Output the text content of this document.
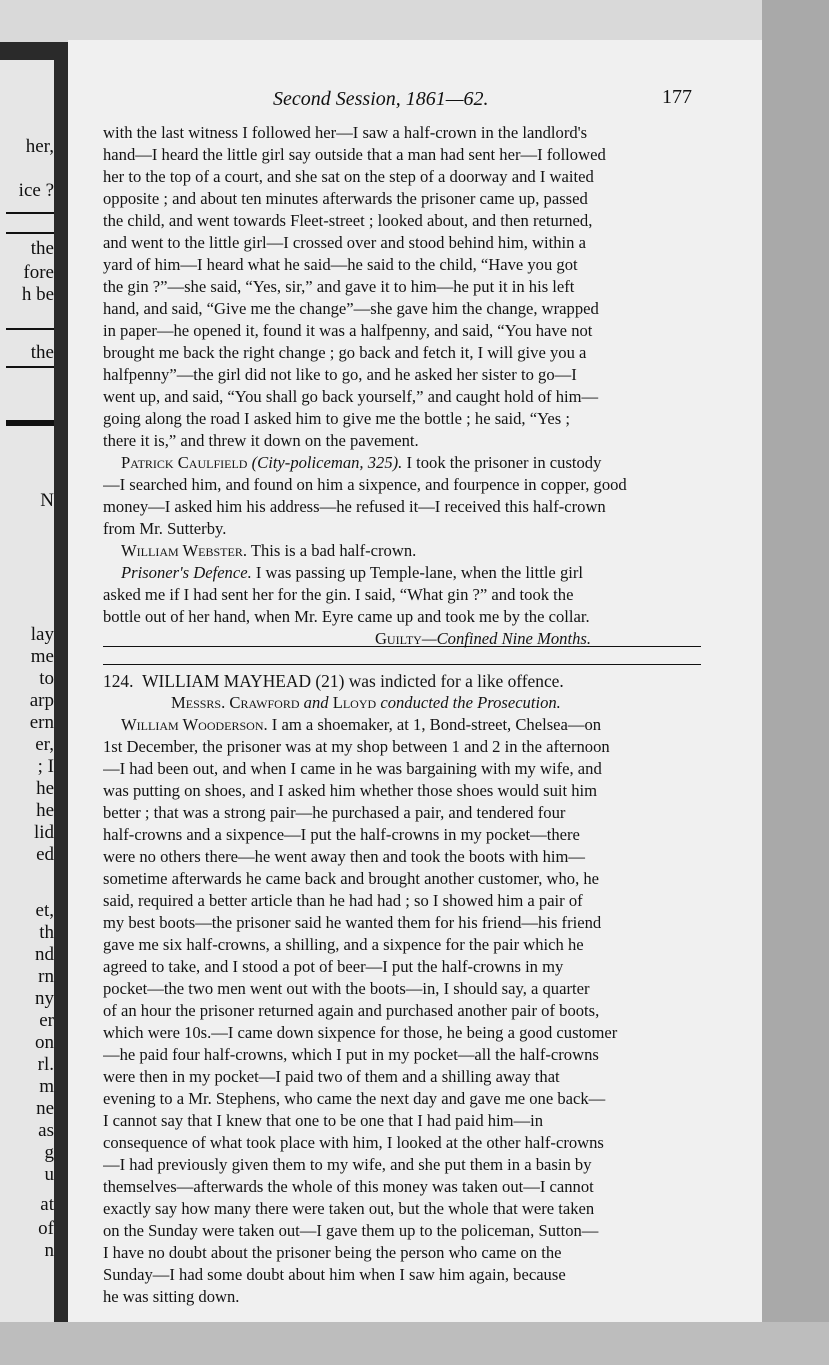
her,
ice ?
the
fore
h be
the
N
lay
me
to
arp
ern
er,
; I
he
he
lid
ed
et,
th
nd
rn
ny
er
on
rl.
m
ne
as
g
u
at
of
n
Second Session, 1861—62.	177
with the last witness I followed her—I saw a half-crown in the landlord's
hand—I heard the little girl say outside that a man had sent her—I followed
her to the top of a court, and she sat on the step of a doorway and I waited
opposite ; and about ten minutes afterwards the prisoner came up, passed
the child, and went towards Fleet-street ; looked about, and then returned,
and went to the little girl—I crossed over and stood behind him, within a
yard of him—I heard what he said—he said to the child, “Have you got
the gin ?”—she said, “Yes, sir,” and gave it to him—he put it in his left
hand, and said, “Give me the change”—she gave him the change, wrapped
in paper—he opened it, found it was a halfpenny, and said, “You have not
brought me back the right change ; go back and fetch it, I will give you a
halfpenny”—the girl did not like to go, and he asked her sister to go—I
went up, and said, “You shall go back yourself,” and caught hold of him—
going along the road I asked him to give me the bottle ; he said, “Yes ;
there it is,” and threw it down on the pavement.
Patrick Caulfield (City-policeman, 325). I took the prisoner in custody
—I searched him, and found on him a sixpence, and fourpence in copper, good
money—I asked him his address—he refused it—I received this half-crown
from Mr. Sutterby.
William Webster. This is a bad half-crown.
Prisoner's Defence. I was passing up Temple-lane, when the little girl
asked me if I had sent her for the gin. I said, “What gin ?” and took the
bottle out of her hand, when Mr. Eyre came up and took me by the collar.
Guilty—Confined Nine Months.
124. WILLIAM MAYHEAD (21) was indicted for a like offence.
Messrs. Crawford and Lloyd conducted the Prosecution.
William Wooderson. I am a shoemaker, at 1, Bond-street, Chelsea—on
1st December, the prisoner was at my shop between 1 and 2 in the afternoon
—I had been out, and when I came in he was bargaining with my wife, and
was putting on shoes, and I asked him whether those shoes would suit him
better ; that was a strong pair—he purchased a pair, and tendered four
half-crowns and a sixpence—I put the half-crowns in my pocket—there
were no others there—he went away then and took the boots with him—
sometime afterwards he came back and brought another customer, who, he
said, required a better article than he had had ; so I showed him a pair of
my best boots—the prisoner said he wanted them for his friend—his friend
gave me six half-crowns, a shilling, and a sixpence for the pair which he
agreed to take, and I stood a pot of beer—I put the half-crowns in my
pocket—the two men went out with the boots—in, I should say, a quarter
of an hour the prisoner returned again and purchased another pair of boots,
which were 10s.—I came down sixpence for those, he being a good customer
—he paid four half-crowns, which I put in my pocket—all the half-crowns
were then in my pocket—I paid two of them and a shilling away that
evening to a Mr. Stephens, who came the next day and gave me one back—
I cannot say that I knew that one to be one that I had paid him—in
consequence of what took place with him, I looked at the other half-crowns
—I had previously given them to my wife, and she put them in a basin by
themselves—afterwards the whole of this money was taken out—I cannot
exactly say how many there were taken out, but the whole that were taken
on the Sunday were taken out—I gave them up to the policeman, Sutton—
I have no doubt about the prisoner being the person who came on the
Sunday—I had some doubt about him when I saw him again, because
he was sitting down.
